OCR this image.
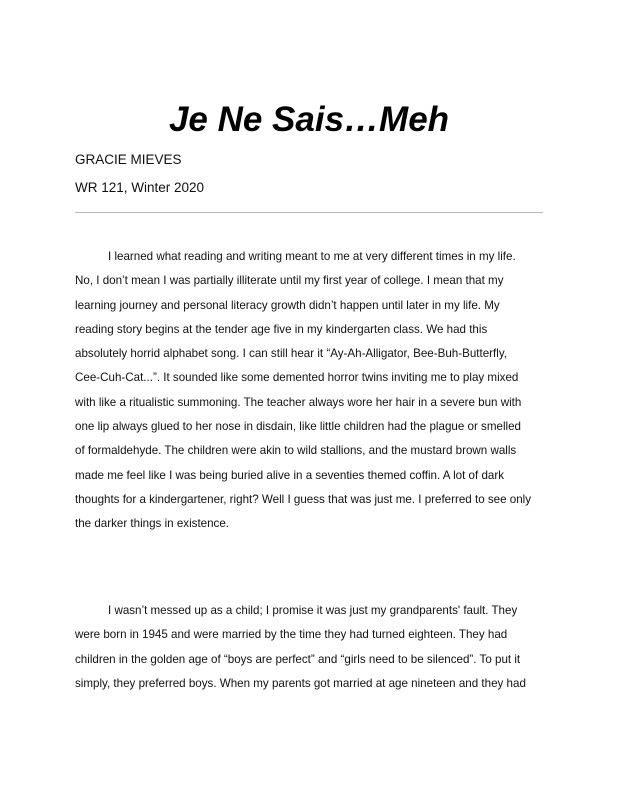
Je Ne Sais…Meh

GRACIE MIEVES

WR 121, Winter 2020

I learned what reading and writing meant to me at very different times in my life.
No, I don’t mean I was partially illiterate until my first year of college. I mean that my
learning journey and personal literacy growth didn’t happen until later in my life. My
reading story begins at the tender age five in my kindergarten class. We had this
absolutely horrid alphabet song. I can still hear it “Ay-Ah-Alligator, Bee-Buh-Butterfly,
Cee-Cuh-Cat...”. It sounded like some demented horror twins inviting me to play mixed
with like a ritualistic summoning. The teacher always wore her hair in a severe bun with
one lip always glued to her nose in disdain, like little children had the plague or smelled
of formaldehyde. The children were akin to wild stallions, and the mustard brown walls
made me feel like I was being buried alive in a seventies themed coffin. A lot of dark
thoughts for a kindergartener, right? Well I guess that was just me. I preferred to see only
the darker things in existence.

I wasn’t messed up as a child; I promise it was just my grandparents' fault. They
were born in 1945 and were married by the time they had turned eighteen. They had
children in the golden age of “boys are perfect” and “girls need to be silenced”. To put it
simply, they preferred boys. When my parents got married at age nineteen and they had
